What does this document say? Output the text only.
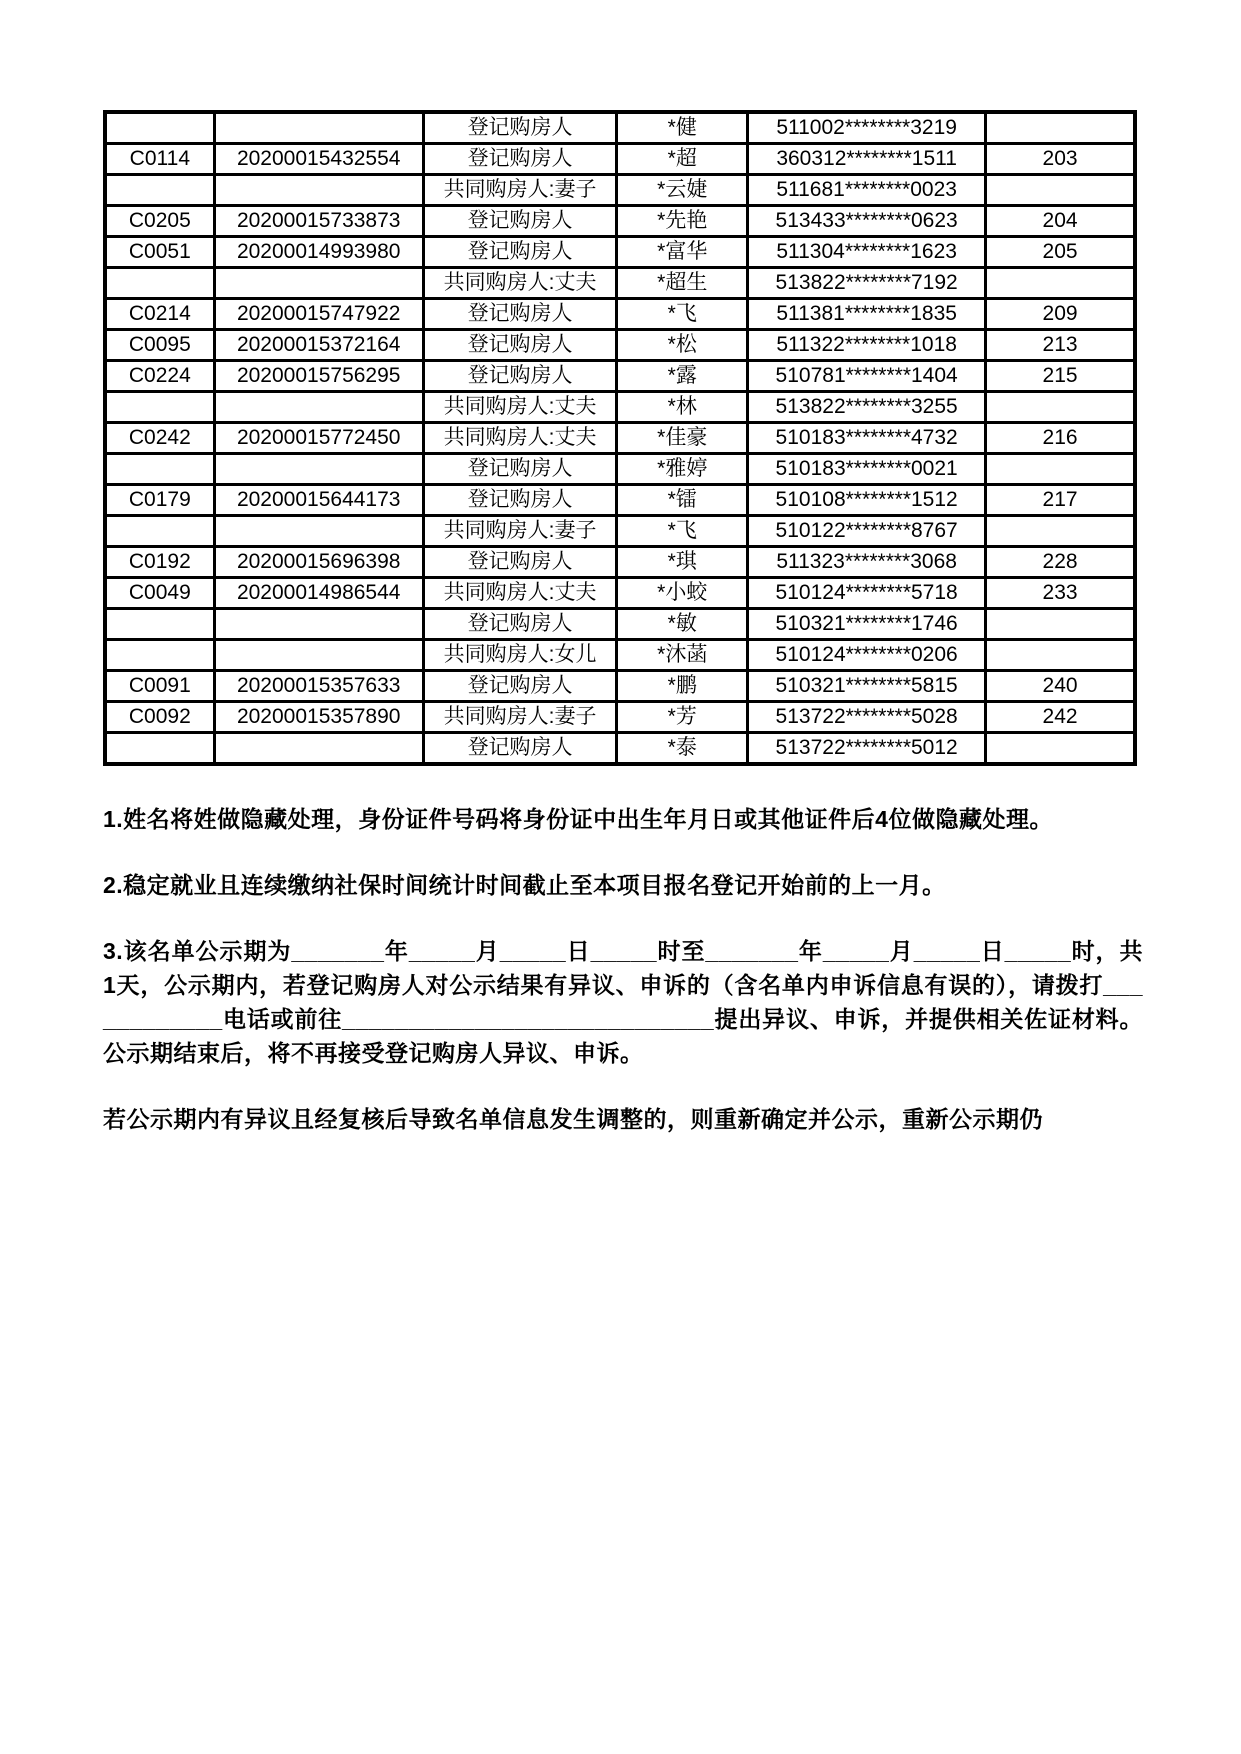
		登记购房人	*健	511002********3219	
C0114	20200015432554	登记购房人	*超	360312********1511	203
		共同购房人:妻子	*云婕	511681********0023	
C0205	20200015733873	登记购房人	*先艳	513433********0623	204
C0051	20200014993980	登记购房人	*富华	511304********1623	205
		共同购房人:丈夫	*超生	513822********7192	
C0214	20200015747922	登记购房人	*飞	511381********1835	209
C0095	20200015372164	登记购房人	*松	511322********1018	213
C0224	20200015756295	登记购房人	*露	510781********1404	215
		共同购房人:丈夫	*林	513822********3255	
C0242	20200015772450	共同购房人:丈夫	*佳豪	510183********4732	216
		登记购房人	*雅婷	510183********0021	
C0179	20200015644173	登记购房人	*镭	510108********1512	217
		共同购房人:妻子	*飞	510122********8767	
C0192	20200015696398	登记购房人	*琪	511323********3068	228
C0049	20200014986544	共同购房人:丈夫	*小蛟	510124********5718	233
		登记购房人	*敏	510321********1746	
		共同购房人:女儿	*沐菡	510124********0206	
C0091	20200015357633	登记购房人	*鹏	510321********5815	240
C0092	20200015357890	共同购房人:妻子	*芳	513722********5028	242
		登记购房人	*泰	513722********5012	

1.姓名将姓做隐藏处理，身份证件号码将身份证中出生年月日或其他证件后4位做隐藏处理。

2.稳定就业且连续缴纳社保时间统计时间截止至本项目报名登记开始前的上一月。

3.该名单公示期为_______年_____月_____日_____时至_______年_____月_____日_____时，共1天，公示期内，若登记购房人对公示结果有异议、申诉的（含名单内申诉信息有误的），请拨打____________电话或前往____________________________提出异议、申诉，并提供相关佐证材料。公示期结束后，将不再接受登记购房人异议、申诉。

若公示期内有异议且经复核后导致名单信息发生调整的，则重新确定并公示，重新公示期仍
